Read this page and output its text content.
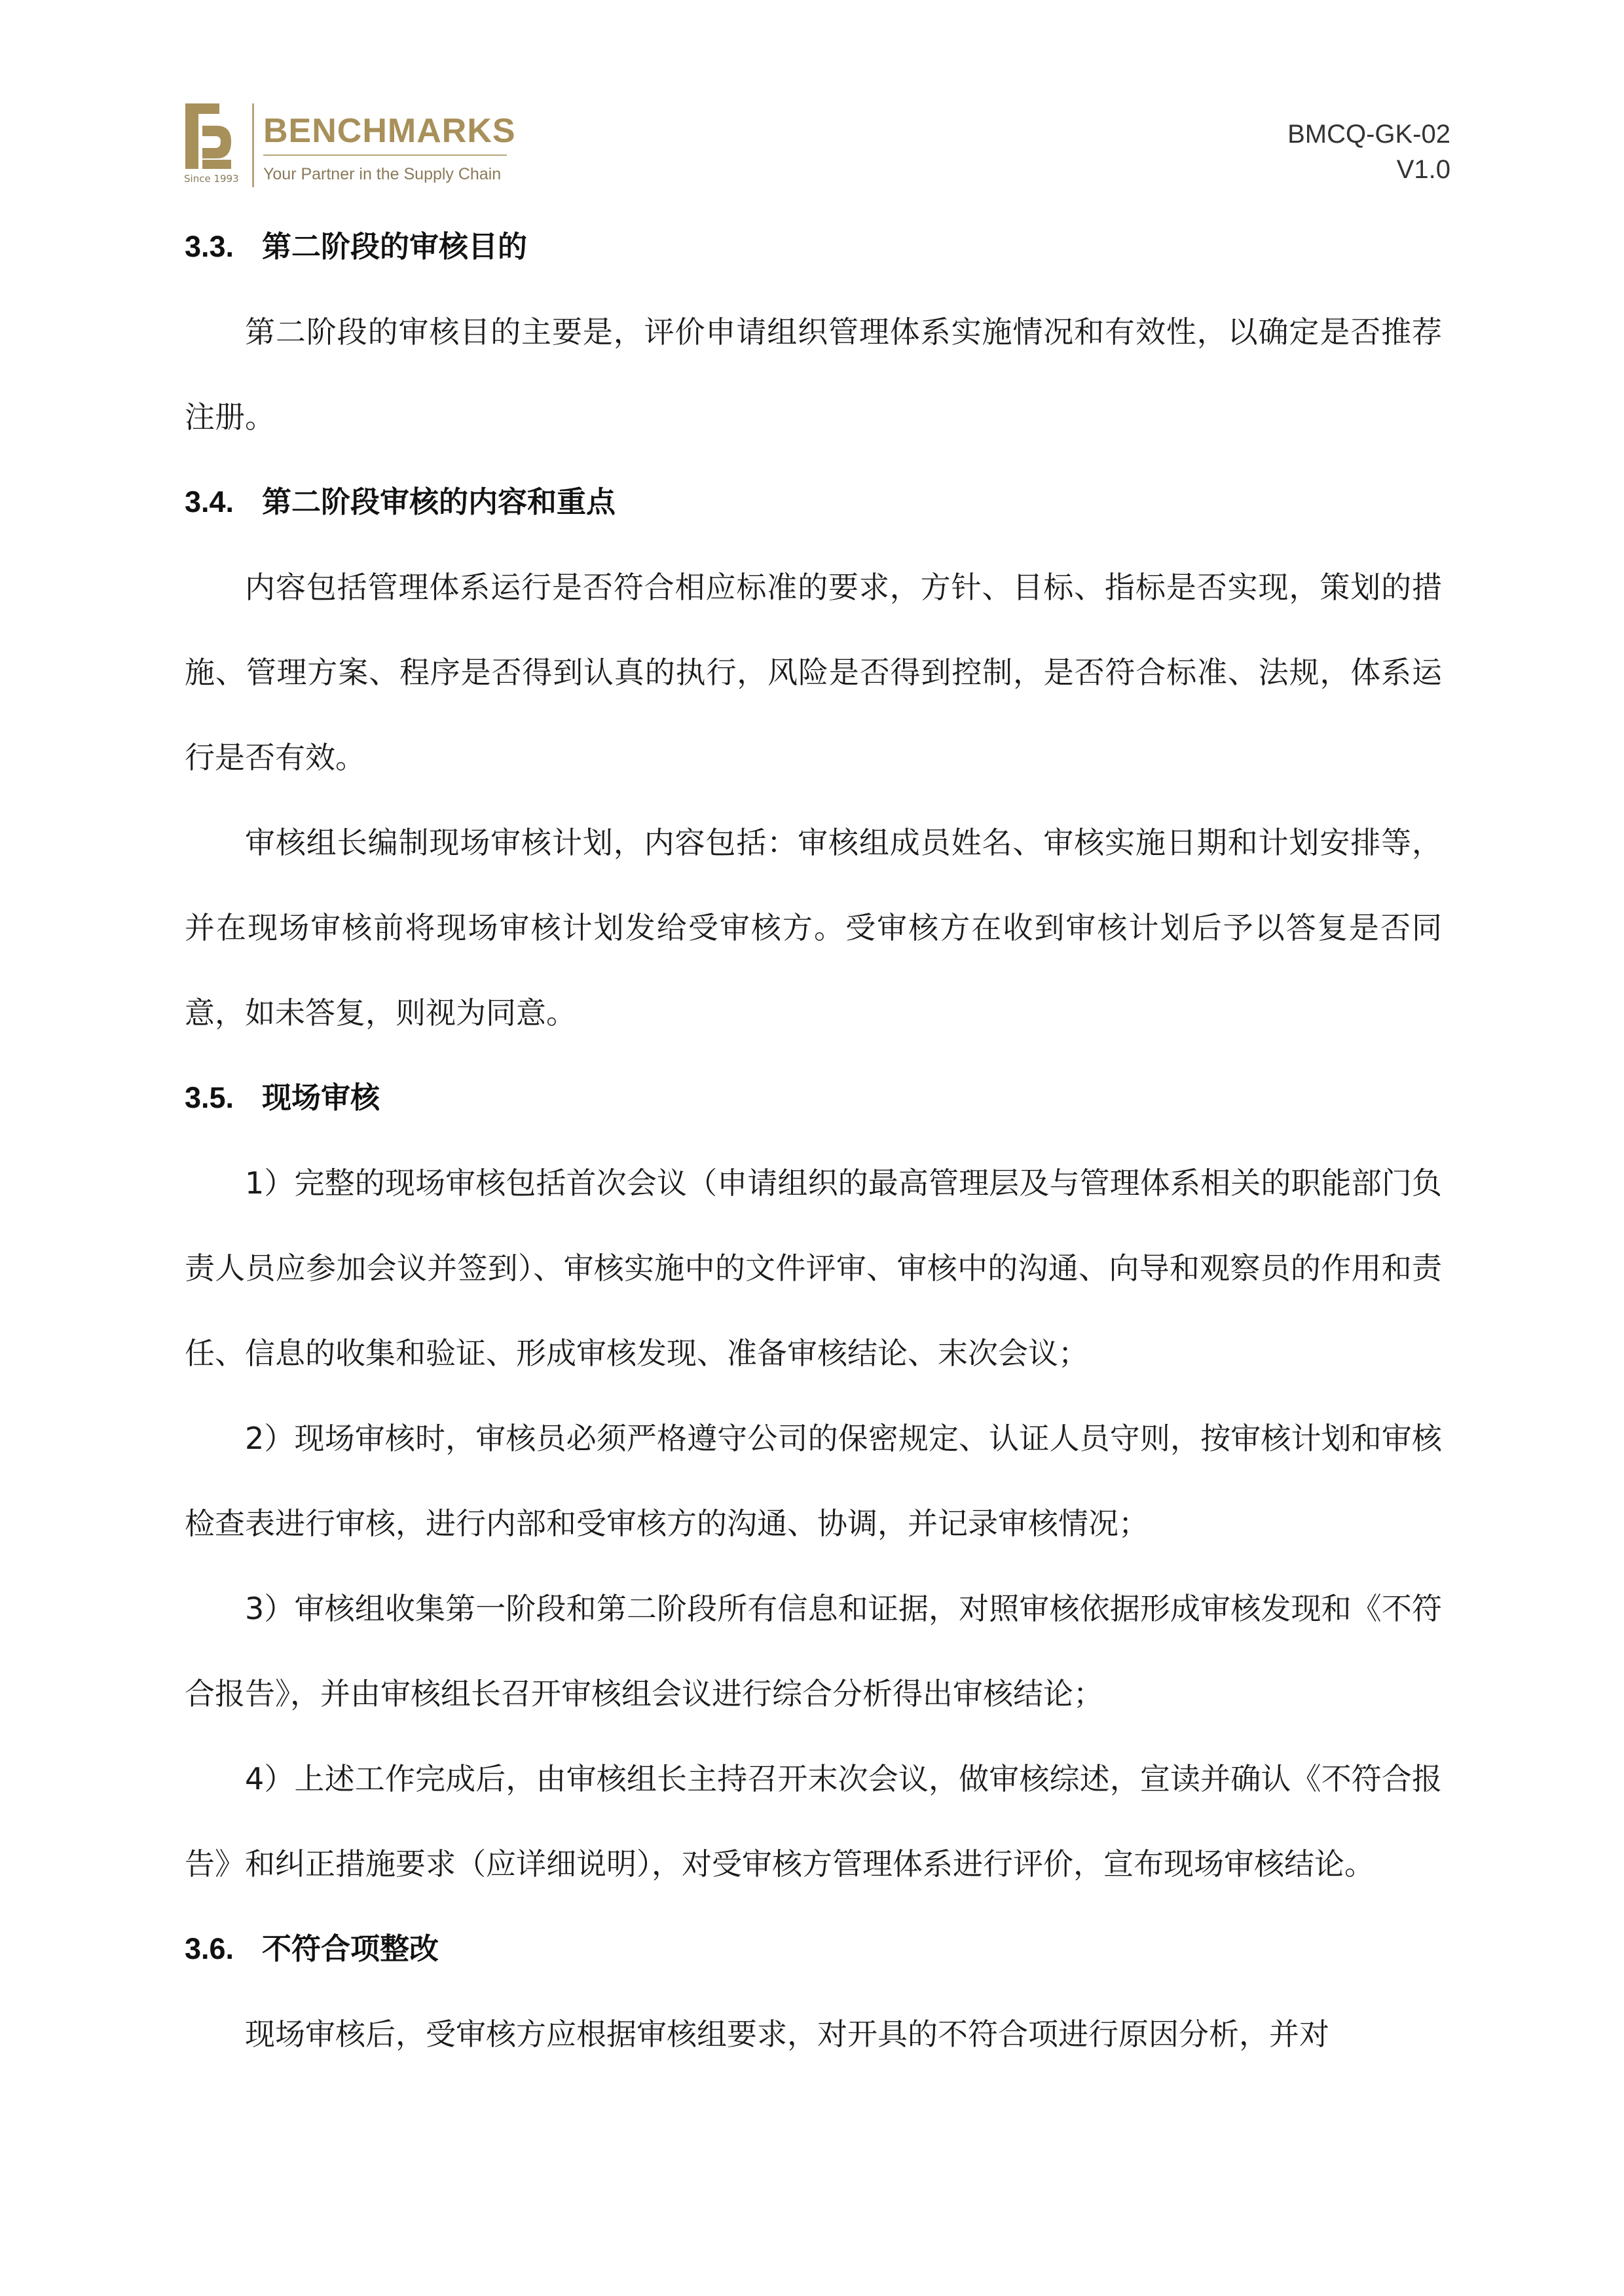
Since 1993
BENCHMARKS
Your Partner in the Supply Chain
BMCQ-GK-02
V1.0
3.3. 第二阶段的审核目的

第二阶段的审核目的主要是，评价申请组织管理体系实施情况和有效性，以确定是否推荐注册。

3.4. 第二阶段审核的内容和重点

内容包括管理体系运行是否符合相应标准的要求，方针、目标、指标是否实现，策划的措施、管理方案、程序是否得到认真的执行，风险是否得到控制，是否符合标准、法规，体系运行是否有效。

审核组长编制现场审核计划，内容包括：审核组成员姓名、审核实施日期和计划安排等，并在现场审核前将现场审核计划发给受审核方。受审核方在收到审核计划后予以答复是否同意，如未答复，则视为同意。

3.5. 现场审核

1）完整的现场审核包括首次会议（申请组织的最高管理层及与管理体系相关的职能部门负责人员应参加会议并签到）、审核实施中的文件评审、审核中的沟通、向导和观察员的作用和责任、信息的收集和验证、形成审核发现、准备审核结论、末次会议；

2）现场审核时，审核员必须严格遵守公司的保密规定、认证人员守则，按审核计划和审核检查表进行审核，进行内部和受审核方的沟通、协调，并记录审核情况；

3）审核组收集第一阶段和第二阶段所有信息和证据，对照审核依据形成审核发现和《不符合报告》，并由审核组长召开审核组会议进行综合分析得出审核结论；

4）上述工作完成后，由审核组长主持召开末次会议，做审核综述，宣读并确认《不符合报告》和纠正措施要求（应详细说明），对受审核方管理体系进行评价，宣布现场审核结论。

3.6. 不符合项整改

现场审核后，受审核方应根据审核组要求，对开具的不符合项进行原因分析，并对
